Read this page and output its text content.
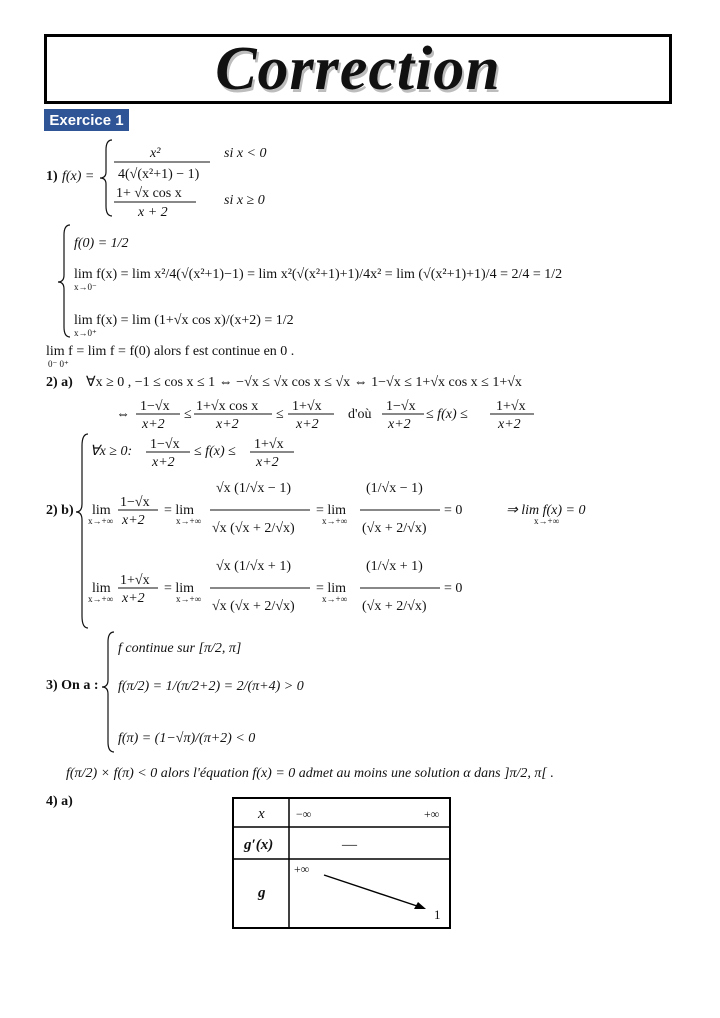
Correction
Exercice 1
1) f(x) =
x²
4(√(x²+1) − 1)
si x < 0
1+ √x cos x
x + 2
si x ≥ 0
f(0) = 1/2
lim f(x) = lim x²/4(√(x²+1)−1) = lim x²(√(x²+1)+1)/4x² = lim (√(x²+1)+1)/4 = 2/4 = 1/2
x→0⁻
lim f(x) = lim (1+√x cos x)/(x+2) = 1/2
x→0⁺
lim f = lim f = f(0) alors f est continue en 0 .
0⁻ 0⁺
2) a) ∀x ≥ 0 , −1 ≤ cos x ≤ 1 ⇔ −√x ≤ √x cos x ≤ √x ⇔ 1−√x ≤ 1+√x cos x ≤ 1+√x
⇔
1−√x
x+2
≤
1+√x cos x
x+2
≤
1+√x
x+2
d'où
1−√x
x+2
≤ f(x) ≤
1+√x
x+2
2) b)
∀x ≥ 0: 1−√x
x+2
≤ f(x) ≤ 1+√x
x+2
lim
x→+∞
1−√x
x+2
= lim
x→+∞
√x (1/√x − 1)
√x (√x + 2/√x)
= lim
x→+∞
(1/√x − 1)
(√x + 2/√x)
= 0	⇒ lim f(x) = 0
x→+∞
lim
x→+∞
1+√x
x+2
= lim
x→+∞
√x (1/√x + 1)
√x (√x + 2/√x)
= lim
x→+∞
(1/√x + 1)
(√x + 2/√x)
= 0
3) On a :
f continue sur [π/2, π]
f(π/2) = 1/(π/2+2) = 2/(π+4) > 0
f(π) = (1−√π)/(π+2) < 0
f(π/2) × f(π) < 0 alors l'équation f(x) = 0 admet au moins une solution α dans ]π/2, π[ .
4) a)
x	−∞	+∞
g′(x)	—
g
+∞
1
